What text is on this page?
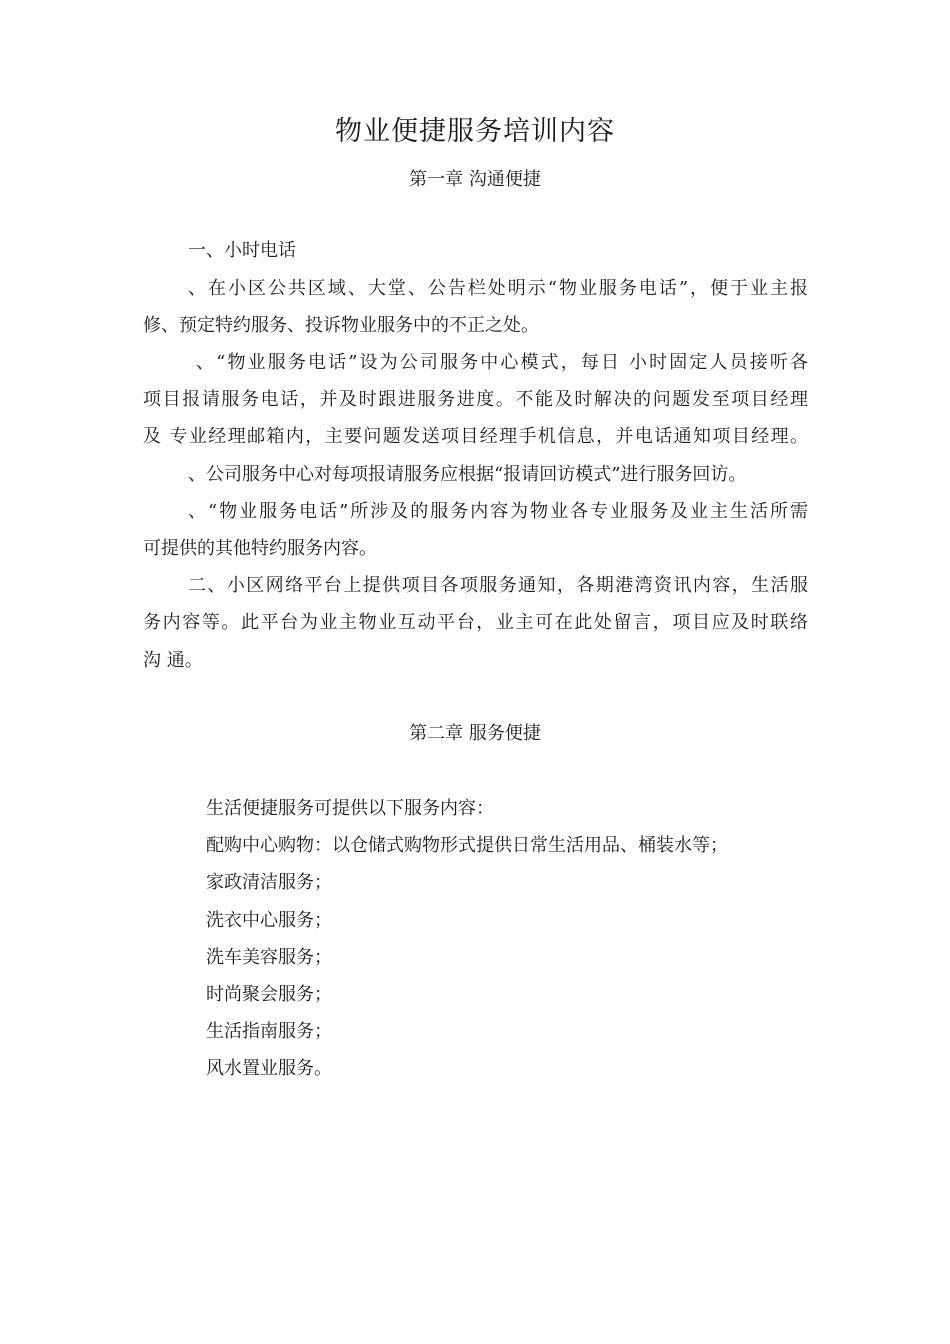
物业便捷服务培训内容
第一章 沟通便捷
一、小时电话
、在小区公共区域、大堂、公告栏处明示“物业服务电话”，便于业主报
修、预定特约服务、投诉物业服务中的不正之处。
、“物业服务电话”设为公司服务中心模式，每日 小时固定人员接听各
项目报请服务电话，并及时跟进服务进度。不能及时解决的问题发至项目经理
及 专业经理邮箱内，主要问题发送项目经理手机信息，并电话通知项目经理。
、公司服务中心对每项报请服务应根据“报请回访模式”进行服务回访。
、“物业服务电话”所涉及的服务内容为物业各专业服务及业主生活所需
可提供的其他特约服务内容。
二、小区网络平台上提供项目各项服务通知，各期港湾资讯内容，生活服
务内容等。此平台为业主物业互动平台，业主可在此处留言，项目应及时联络
沟 通。
第二章 服务便捷
生活便捷服务可提供以下服务内容：
配购中心购物：以仓储式购物形式提供日常生活用品、桶装水等；
家政清洁服务；
洗衣中心服务；
洗车美容服务；
时尚聚会服务；
生活指南服务；
风水置业服务。
